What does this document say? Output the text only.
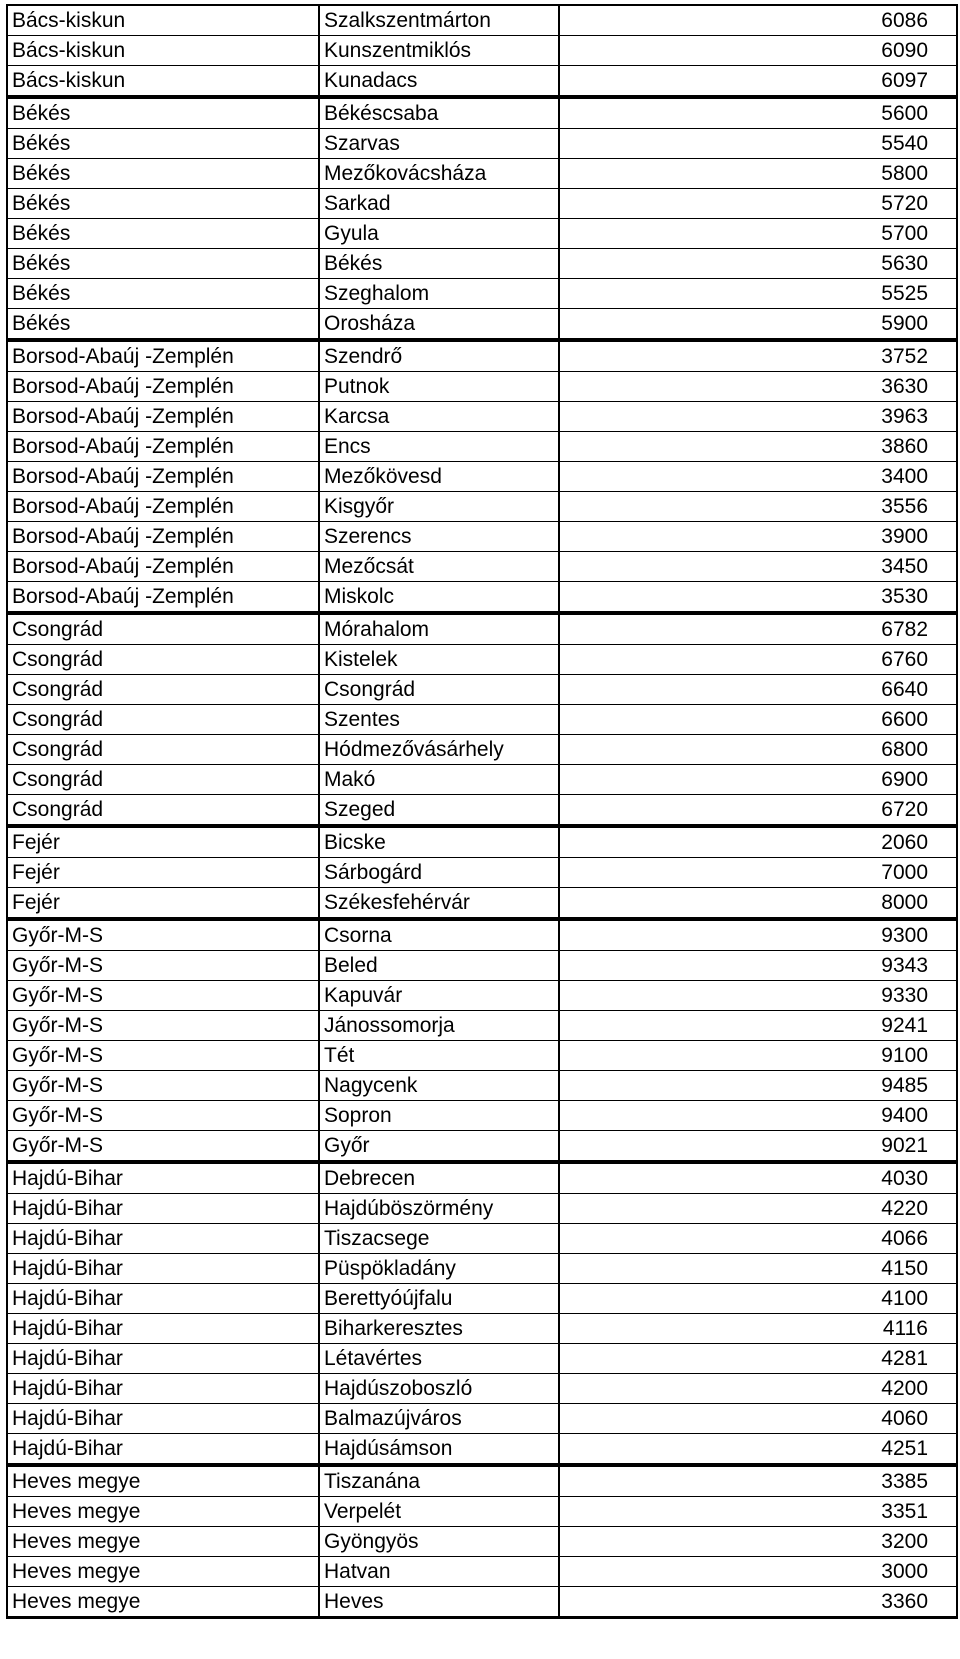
Bács-kiskun	Szalkszentmárton	6086
Bács-kiskun	Kunszentmiklós	6090
Bács-kiskun	Kunadacs	6097
Békés	Békéscsaba	5600
Békés	Szarvas	5540
Békés	Mezőkovácsháza	5800
Békés	Sarkad	5720
Békés	Gyula	5700
Békés	Békés	5630
Békés	Szeghalom	5525
Békés	Orosháza	5900
Borsod-Abaúj -Zemplén	Szendrő	3752
Borsod-Abaúj -Zemplén	Putnok	3630
Borsod-Abaúj -Zemplén	Karcsa	3963
Borsod-Abaúj -Zemplén	Encs	3860
Borsod-Abaúj -Zemplén	Mezőkövesd	3400
Borsod-Abaúj -Zemplén	Kisgyőr	3556
Borsod-Abaúj -Zemplén	Szerencs	3900
Borsod-Abaúj -Zemplén	Mezőcsát	3450
Borsod-Abaúj -Zemplén	Miskolc	3530
Csongrád	Mórahalom	6782
Csongrád	Kistelek	6760
Csongrád	Csongrád	6640
Csongrád	Szentes	6600
Csongrád	Hódmezővásárhely	6800
Csongrád	Makó	6900
Csongrád	Szeged	6720
Fejér	Bicske	2060
Fejér	Sárbogárd	7000
Fejér	Székesfehérvár	8000
Győr-M-S	Csorna	9300
Győr-M-S	Beled	9343
Győr-M-S	Kapuvár	9330
Győr-M-S	Jánossomorja	9241
Győr-M-S	Tét	9100
Győr-M-S	Nagycenk	9485
Győr-M-S	Sopron	9400
Győr-M-S	Győr	9021
Hajdú-Bihar	Debrecen	4030
Hajdú-Bihar	Hajdúböszörmény	4220
Hajdú-Bihar	Tiszacsege	4066
Hajdú-Bihar	Püspökladány	4150
Hajdú-Bihar	Berettyóújfalu	4100
Hajdú-Bihar	Biharkeresztes	4116
Hajdú-Bihar	Létavértes	4281
Hajdú-Bihar	Hajdúszoboszló	4200
Hajdú-Bihar	Balmazújváros	4060
Hajdú-Bihar	Hajdúsámson	4251
Heves megye	Tiszanána	3385
Heves megye	Verpelét	3351
Heves megye	Gyöngyös	3200
Heves megye	Hatvan	3000
Heves megye	Heves	3360
